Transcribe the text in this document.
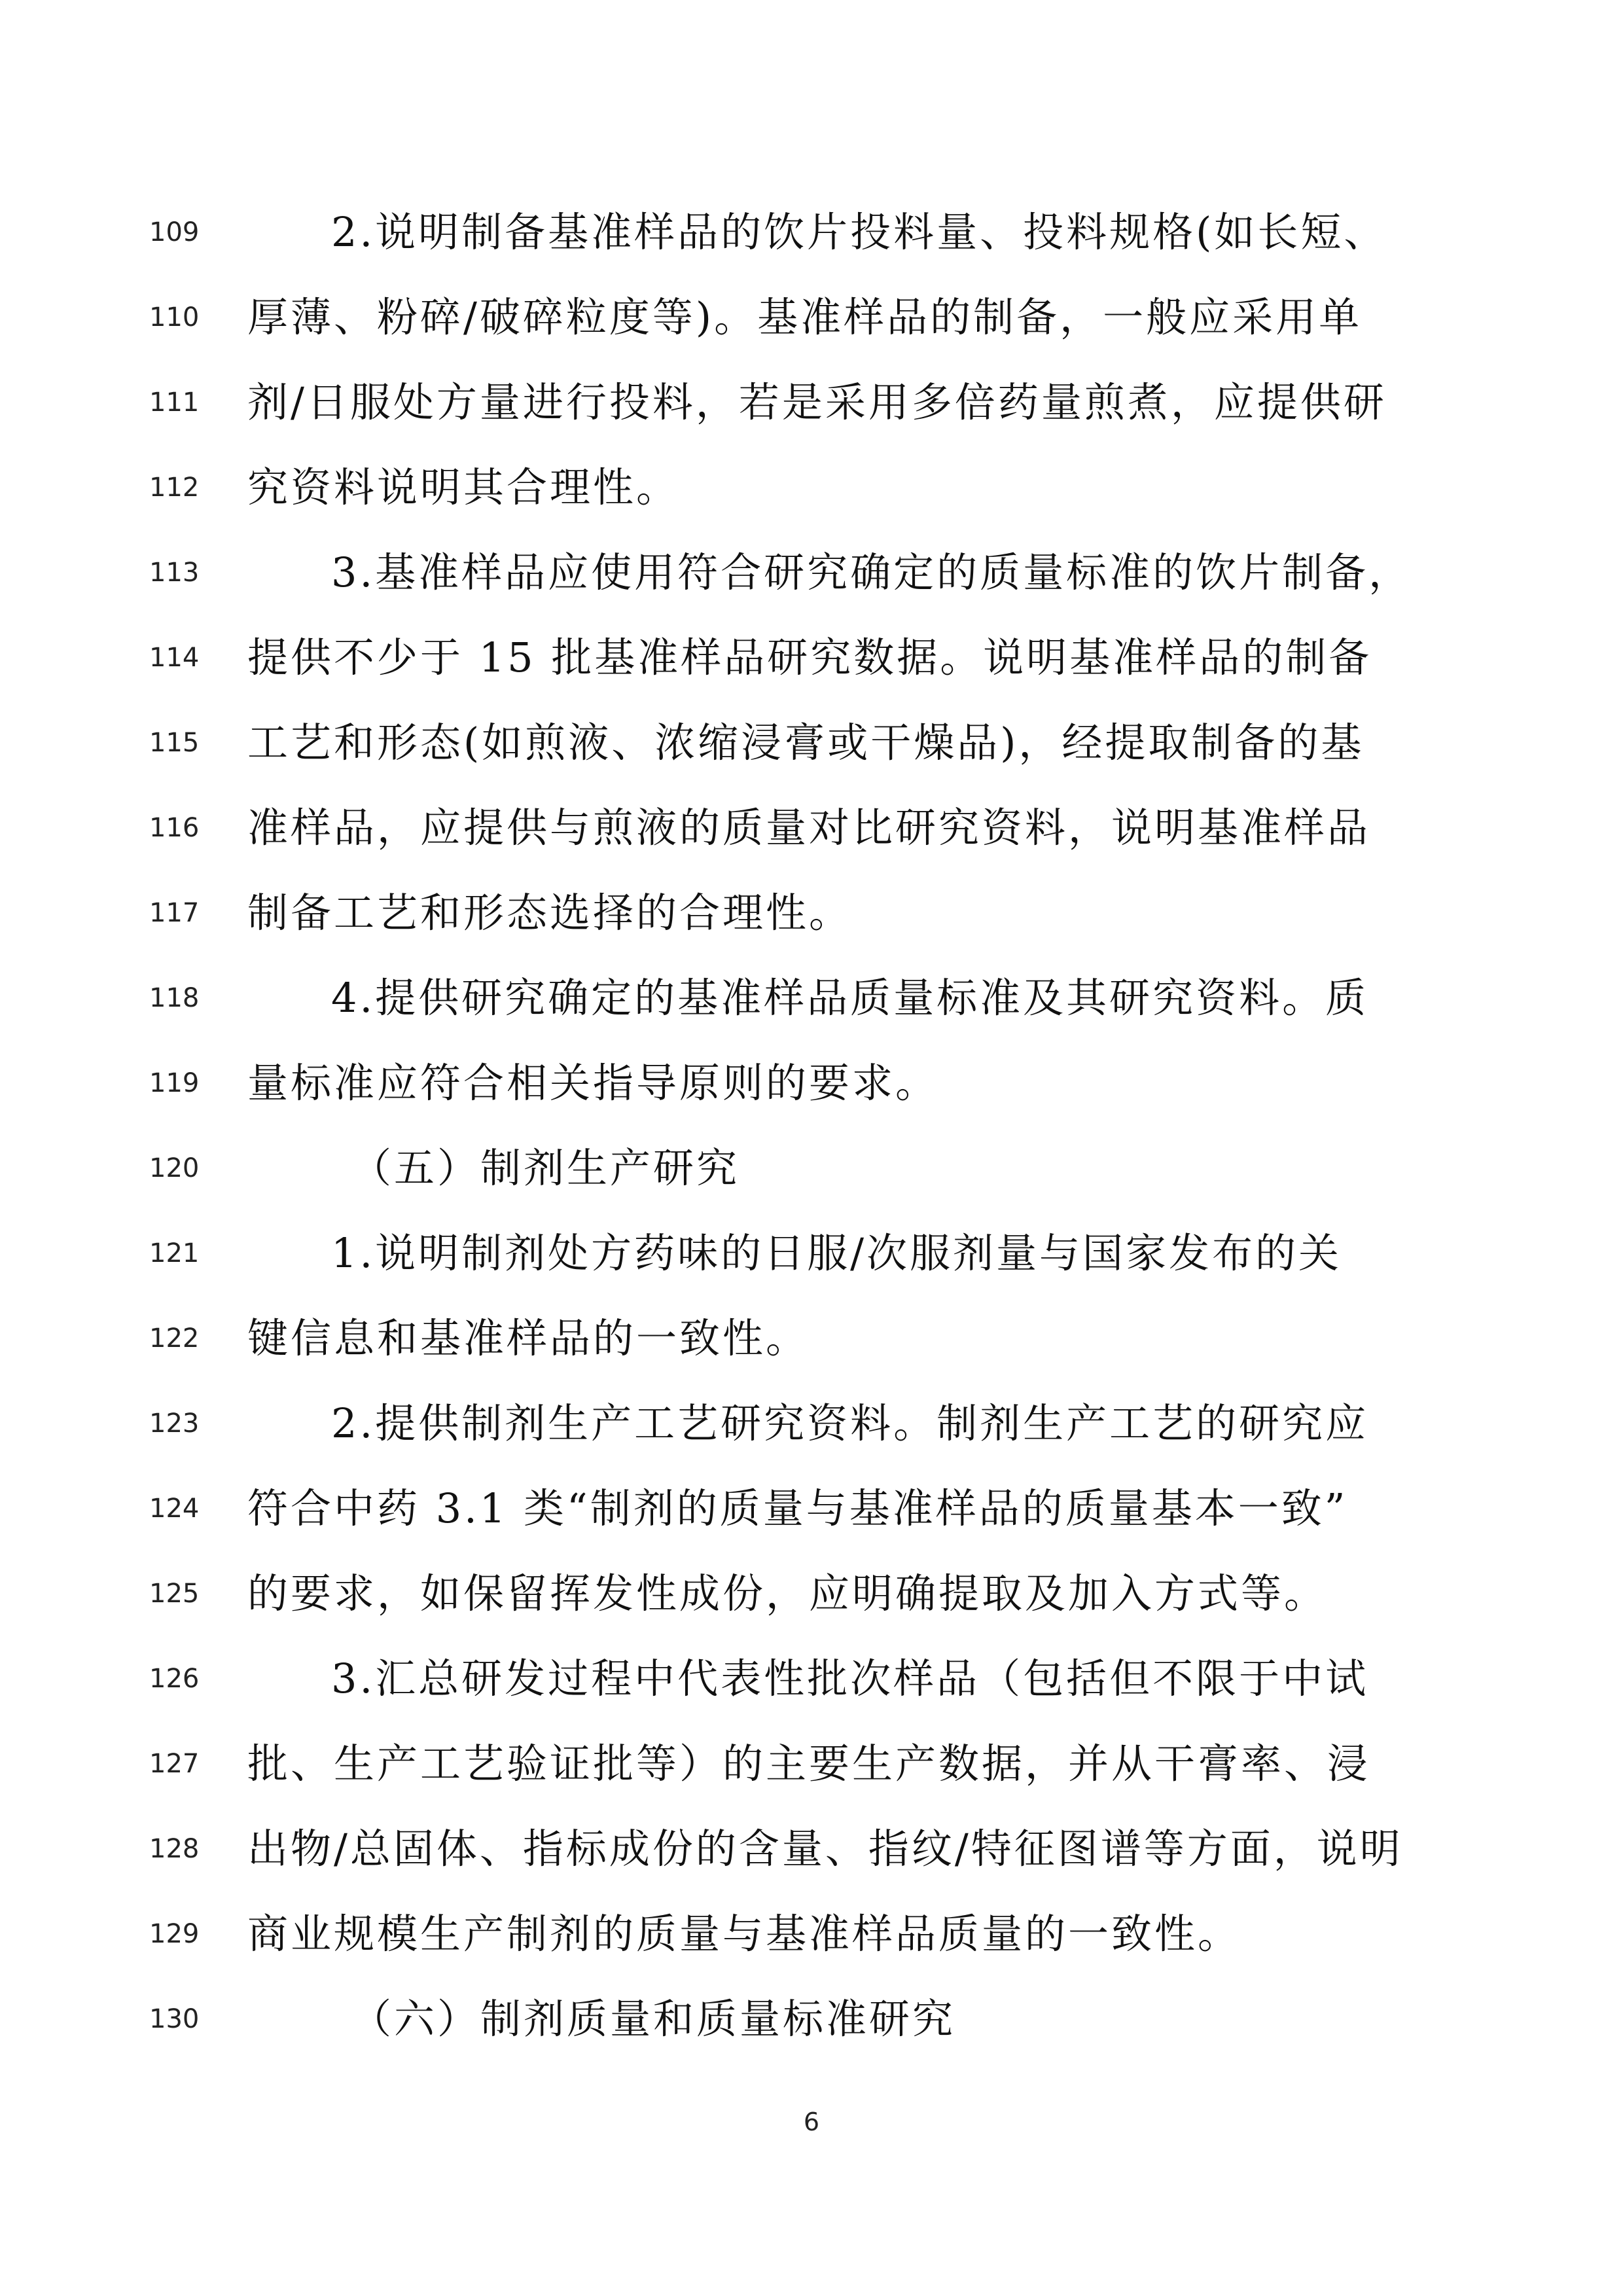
109	2.说明制备基准样品的饮片投料量、投料规格(如长短、
110 厚薄、粉碎/破碎粒度等)。基准样品的制备，一般应采用单
111 剂/日服处方量进行投料，若是采用多倍药量煎煮，应提供研
112 究资料说明其合理性。
113	3.基准样品应使用符合研究确定的质量标准的饮片制备，
114 提供不少于 15 批基准样品研究数据。说明基准样品的制备
115 工艺和形态(如煎液、浓缩浸膏或干燥品)，经提取制备的基
116 准样品，应提供与煎液的质量对比研究资料，说明基准样品
117 制备工艺和形态选择的合理性。
118	4.提供研究确定的基准样品质量标准及其研究资料。质
119 量标准应符合相关指导原则的要求。
120	（五）制剂生产研究
121	1.说明制剂处方药味的日服/次服剂量与国家发布的关
122 键信息和基准样品的一致性。
123	2.提供制剂生产工艺研究资料。制剂生产工艺的研究应
124 符合中药 3.1 类“制剂的质量与基准样品的质量基本一致”
125 的要求，如保留挥发性成份，应明确提取及加入方式等。
126	3.汇总研发过程中代表性批次样品（包括但不限于中试
127 批、生产工艺验证批等）的主要生产数据，并从干膏率、浸
128 出物/总固体、指标成份的含量、指纹/特征图谱等方面，说明
129 商业规模生产制剂的质量与基准样品质量的一致性。
130	（六）制剂质量和质量标准研究
6
